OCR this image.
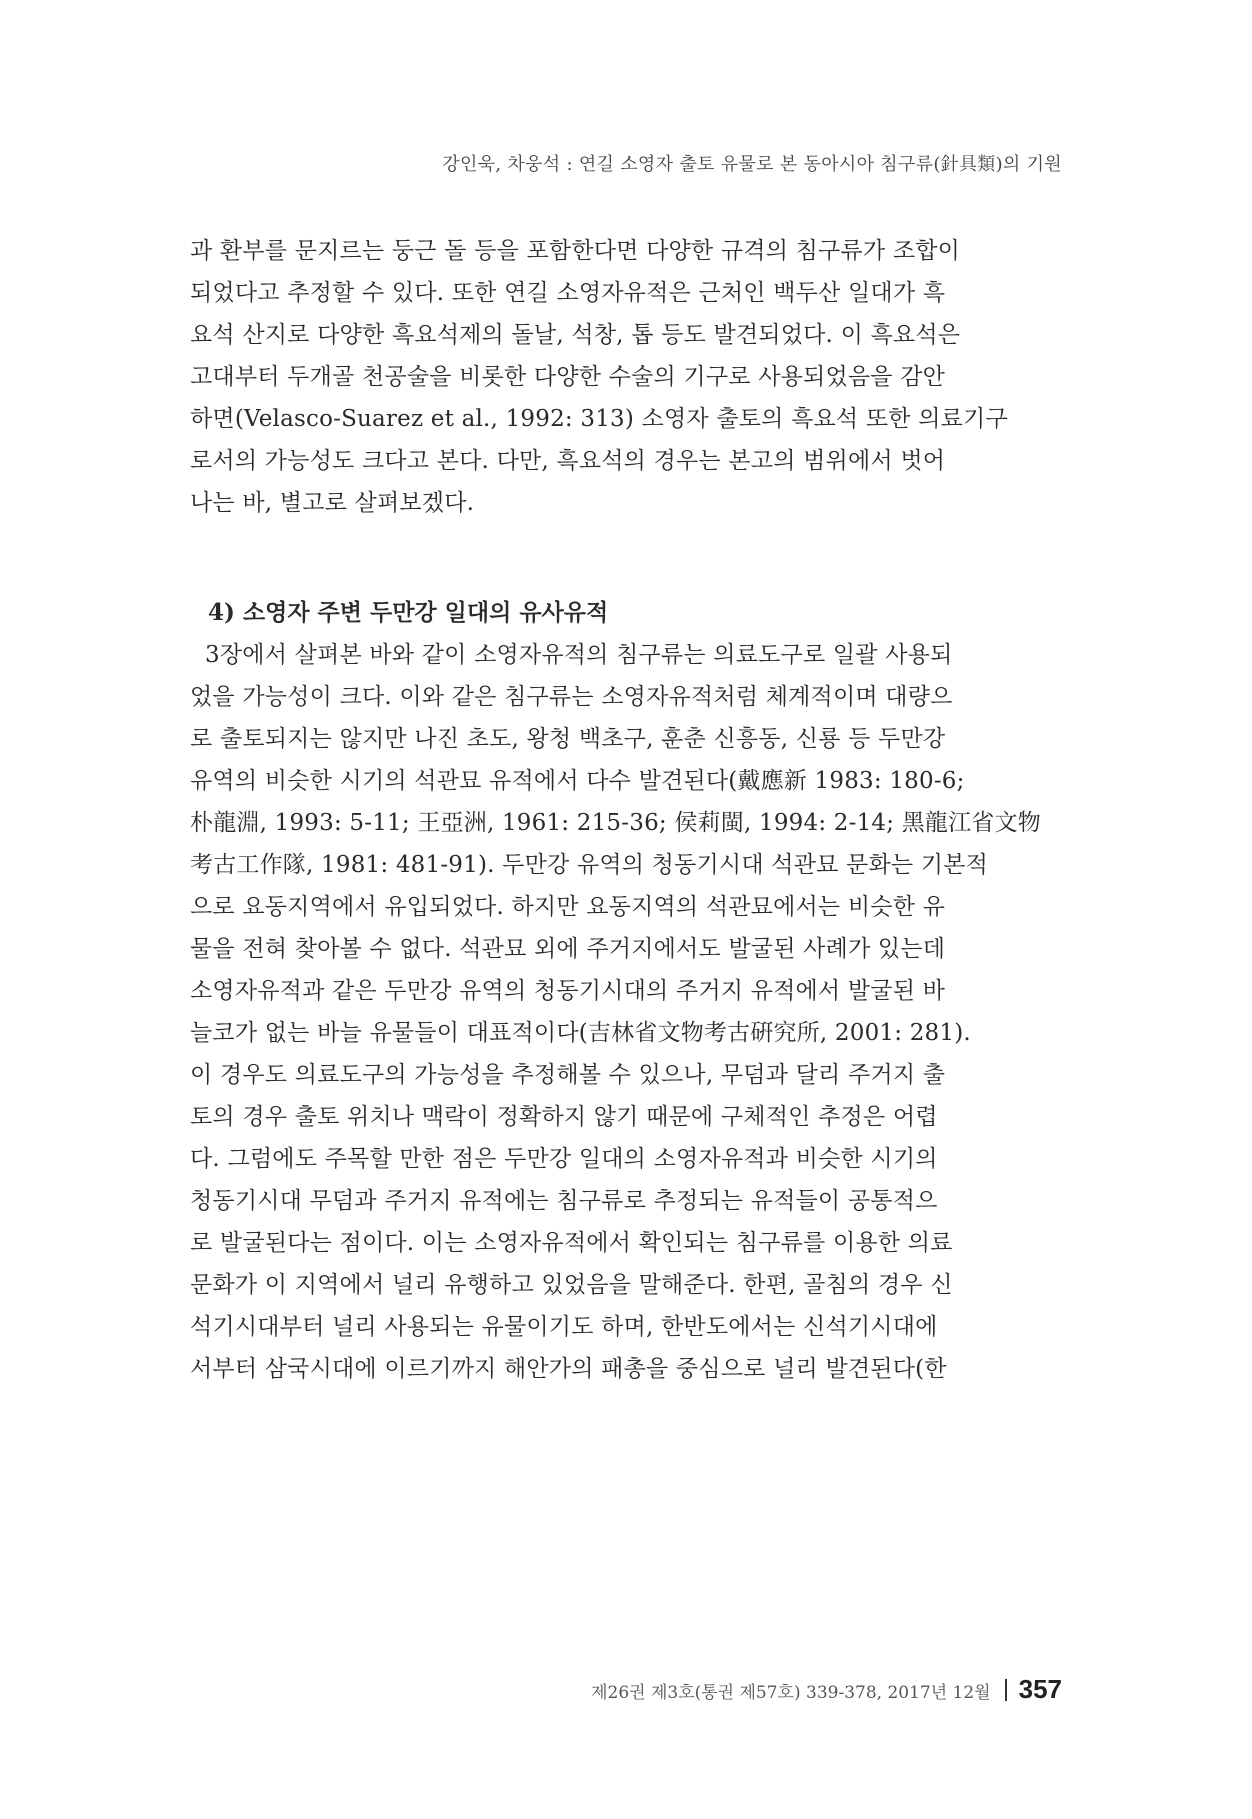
강인욱, 차웅석 : 연길 소영자 출토 유물로 본 동아시아 침구류(針具類)의 기원

과 환부를 문지르는 둥근 돌 등을 포함한다면 다양한 규격의 침구류가 조합이

되었다고 추정할 수 있다. 또한 연길 소영자유적은 근처인 백두산 일대가 흑

요석 산지로 다양한 흑요석제의 돌날, 석창, 톱 등도 발견되었다. 이 흑요석은

고대부터 두개골 천공술을 비롯한 다양한 수술의 기구로 사용되었음을 감안

하면(Velasco-Suarez et al., 1992: 313) 소영자 출토의 흑요석 또한 의료기구

로서의 가능성도 크다고 본다. 다만, 흑요석의 경우는 본고의 범위에서 벗어

나는 바, 별고로 살펴보겠다.

4) 소영자 주변 두만강 일대의 유사유적
3장에서 살펴본 바와 같이 소영자유적의 침구류는 의료도구로 일괄 사용되
었을 가능성이 크다. 이와 같은 침구류는 소영자유적처럼 체계적이며 대량으
로 출토되지는 않지만 나진 초도, 왕청 백초구, 훈춘 신흥동, 신룡 등 두만강
유역의 비슷한 시기의 석관묘 유적에서 다수 발견된다(戴應新 1983: 180-6;
朴龍淵, 1993: 5-11; 王亞洲, 1961: 215-36; 侯莉閩, 1994: 2-14; 黑龍江省文物
考古工作隊, 1981: 481-91). 두만강 유역의 청동기시대 석관묘 문화는 기본적
으로 요동지역에서 유입되었다. 하지만 요동지역의 석관묘에서는 비슷한 유
물을 전혀 찾아볼 수 없다. 석관묘 외에 주거지에서도 발굴된 사례가 있는데
소영자유적과 같은 두만강 유역의 청동기시대의 주거지 유적에서 발굴된 바
늘코가 없는 바늘 유물들이 대표적이다(吉林省文物考古硏究所, 2001: 281).
이 경우도 의료도구의 가능성을 추정해볼 수 있으나, 무덤과 달리 주거지 출
토의 경우 출토 위치나 맥락이 정확하지 않기 때문에 구체적인 추정은 어렵
다. 그럼에도 주목할 만한 점은 두만강 일대의 소영자유적과 비슷한 시기의
청동기시대 무덤과 주거지 유적에는 침구류로 추정되는 유적들이 공통적으
로 발굴된다는 점이다. 이는 소영자유적에서 확인되는 침구류를 이용한 의료
문화가 이 지역에서 널리 유행하고 있었음을 말해준다. 한편, 골침의 경우 신
석기시대부터 널리 사용되는 유물이기도 하며, 한반도에서는 신석기시대에
서부터 삼국시대에 이르기까지 해안가의 패총을 중심으로 널리 발견된다(한
제26권 제3호(통권 제57호) 339-378, 2017년 12월 357
